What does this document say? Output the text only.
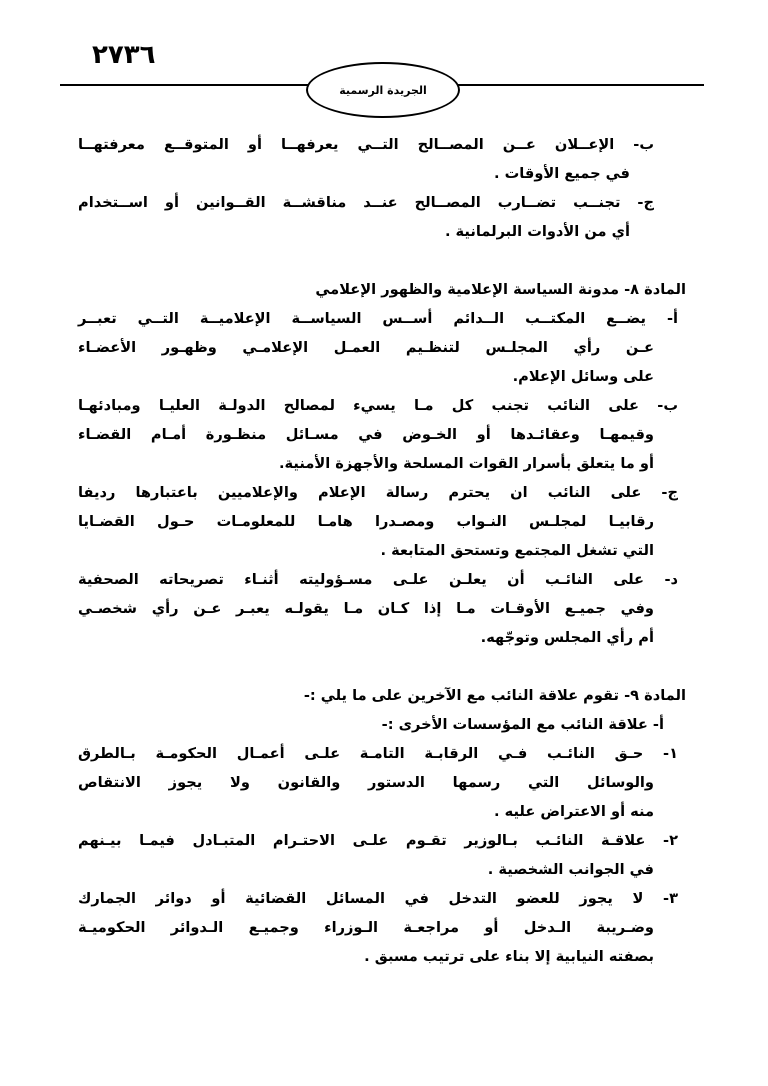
٢٧٣٦
الجريدة الرسمية
ب- الإعــلان عــن المصــالح التــي يعرفهــا أو المتوقــع معرفتهــا
في جميع الأوقات .
ج- تجنــب تضــارب المصــالح عنــد مناقشــة القــوانين أو اســتخدام
أي من الأدوات البرلمانية .
المادة ٨- مدونة السياسة الإعلامية والظهور الإعلامي
أ- يضــع المكتــب الــدائم أســس السياســة الإعلاميــة التــي تعبــر
عـن رأي المجلـس لتنظـيم العمـل الإعلامـي وظهـور الأعضـاء
على وسائل الإعلام.
ب- على النائب تجنب كل مـا يسيء لمصالح الدولـة العليـا ومبادئهـا
وقيمهـا وعقائـدها أو الخـوض في مسـائل منظـورة أمـام القضـاء
أو ما يتعلق بأسرار القوات المسلحة والأجهزة الأمنية.
ج- على النائب ان يحترم رسالة الإعلام والإعلاميين باعتبارها رديفا
رقابيـا لمجلـس النـواب ومصـدرا هامـا للمعلومـات حـول القضـايا
التي تشغل المجتمع وتستحق المتابعة .
د- على النائـب أن يعلـن علـى مسـؤوليته أثنـاء تصريحاته الصحفية
وفي جميـع الأوقـات مـا إذا كـان مـا يقولـه يعبـر عـن رأي شخصـي
أم رأي المجلس وتوجّهه.
المادة ٩- تقوم علاقة النائب مع الآخرين على ما يلي :-
أ- علاقة النائب مع المؤسسات الأخرى :-
١- حـق النائـب فـي الرقابـة التامـة علـى أعمـال الحكومـة بـالطرق
والوسائل التي رسمها الدستور والقانون ولا يجوز الانتقاص
منه أو الاعتراض عليه .
٢- علاقـة النائـب بـالوزير تقـوم علـى الاحتـرام المتبـادل فيمـا بيـنهم
في الجوانب الشخصية .
٣- لا يجوز للعضو التدخل في المسائل القضائية أو دوائر الجمارك
وضـريبة الـدخل أو مراجعـة الـوزراء وجميـع الـدوائر الحكوميـة
بصفته النيابية إلا بناء على ترتيب مسبق .
